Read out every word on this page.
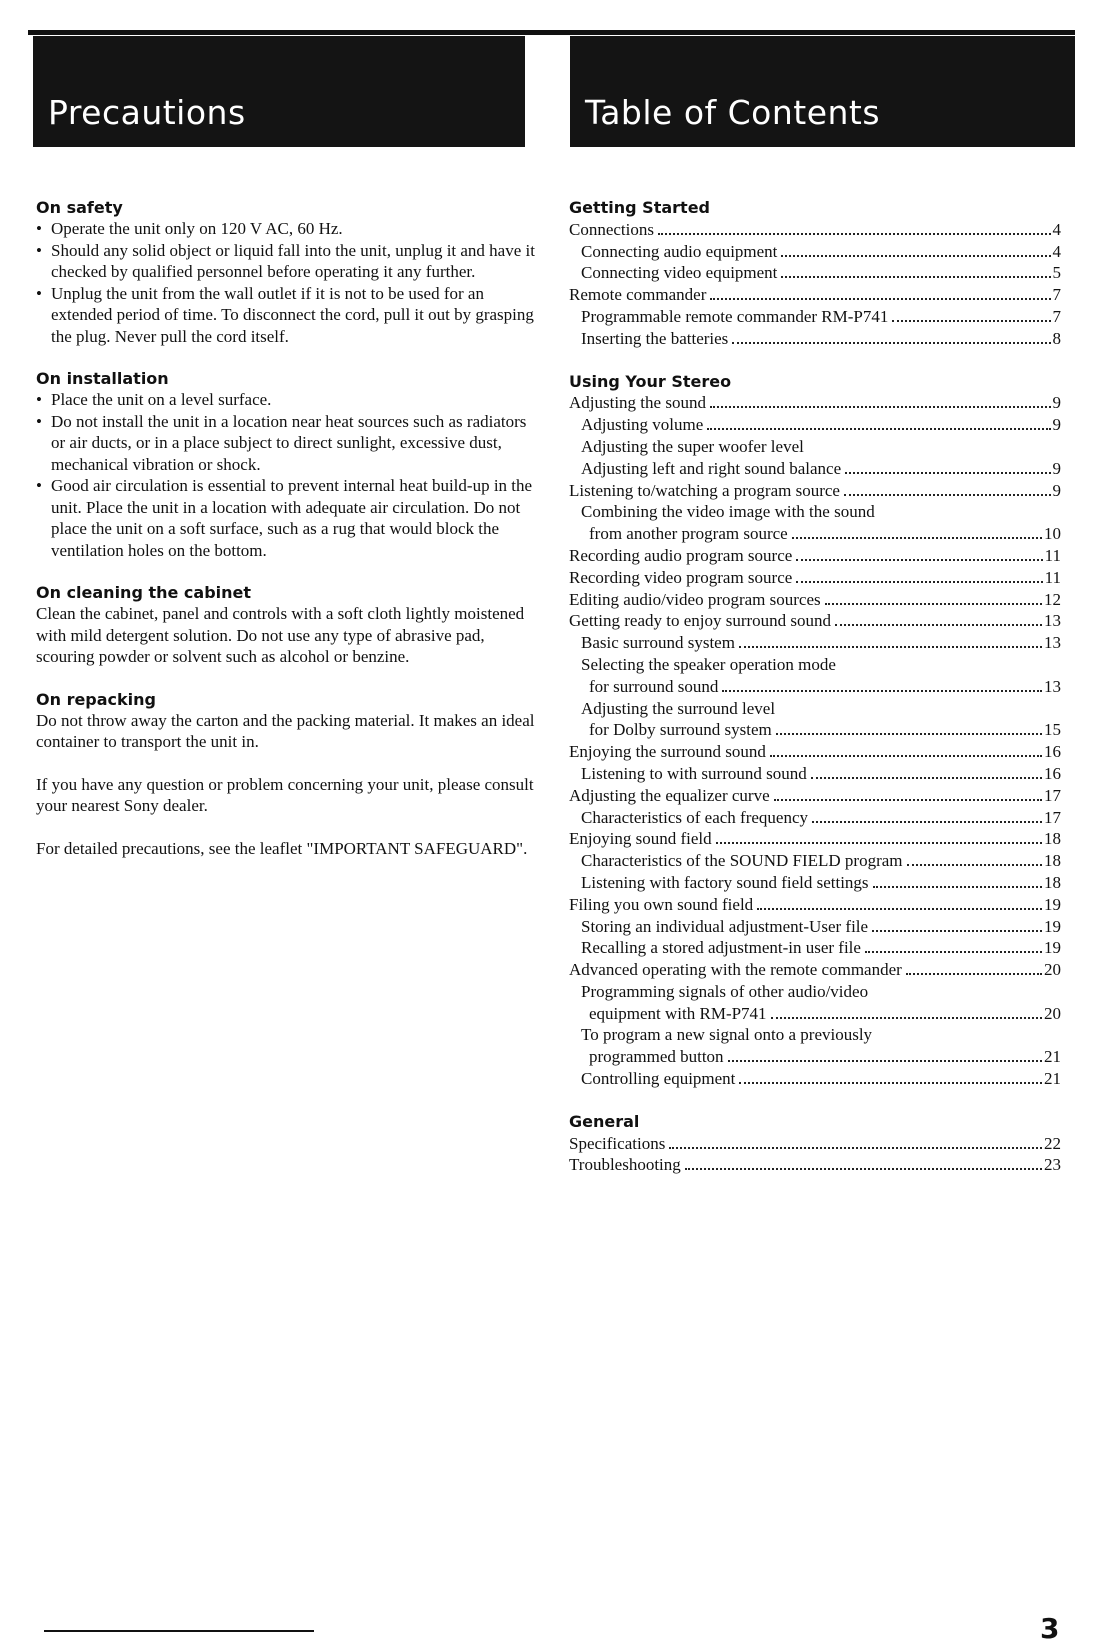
Precautions	Table of Contents
On safety
• Operate the unit only on 120 V AC, 60 Hz.
• Should any solid object or liquid fall into the unit, unplug it and have it checked by qualified personnel before operating it any further.
• Unplug the unit from the wall outlet if it is not to be used for an extended period of time. To disconnect the cord, pull it out by grasping the plug. Never pull the cord itself.
On installation
• Place the unit on a level surface.
• Do not install the unit in a location near heat sources such as radiators or air ducts, or in a place subject to direct sunlight, excessive dust, mechanical vibration or shock.
• Good air circulation is essential to prevent internal heat build-up in the unit. Place the unit in a location with adequate air circulation. Do not place the unit on a soft surface, such as a rug that would block the ventilation holes on the bottom.
On cleaning the cabinet
Clean the cabinet, panel and controls with a soft cloth lightly moistened with mild detergent solution. Do not use any type of abrasive pad, scouring powder or solvent such as alcohol or benzine.
On repacking
Do not throw away the carton and the packing material. It makes an ideal container to transport the unit in.
If you have any question or problem concerning your unit, please consult your nearest Sony dealer.
For detailed precautions, see the leaflet "IMPORTANT SAFEGUARD".
Getting Started
Connections	4
Connecting audio equipment	4
Connecting video equipment	5
Remote commander	7
Programmable remote commander RM-P741	7
Inserting the batteries	8
Using Your Stereo
Adjusting the sound	9
Adjusting volume	9
Adjusting the super woofer level
Adjusting left and right sound balance	9
Listening to/watching a program source	9
Combining the video image with the sound
from another program source	10
Recording audio program source	11
Recording video program source	11
Editing audio/video program sources	12
Getting ready to enjoy surround sound	13
Basic surround system	13
Selecting the speaker operation mode
for surround sound	13
Adjusting the surround level
for Dolby surround system	15
Enjoying the surround sound	16
Listening to with surround sound	16
Adjusting the equalizer curve	17
Characteristics of each frequency	17
Enjoying sound field	18
Characteristics of the SOUND FIELD program	18
Listening with factory sound field settings	18
Filing you own sound field	19
Storing an individual adjustment-User file	19
Recalling a stored adjustment-in user file	19
Advanced operating with the remote commander	20
Programming signals of other audio/video
equipment with RM-P741	20
To program a new signal onto a previously
programmed button	21
Controlling equipment	21
General
Specifications	22
Troubleshooting	23
3
